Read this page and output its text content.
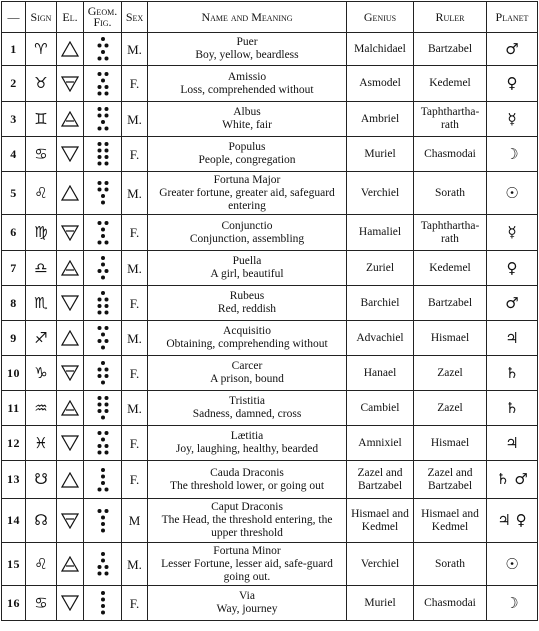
—	Sign	El.	Geom. Fig.	Sex	Name and Meaning	Genius	Ruler	Planet
1	♈			M.	Puer
Boy, yellow, beardless	Malchidael	Bartzabel	♂
2	♉			F.	Amissio
Loss, comprehended without	Asmodel	Kedemel	♀
3	♊			M.	Albus
White, fair	Ambriel	Taphthartha-rath	☿
4	♋			F.	Populus
People, congregation	Muriel	Chasmodai	☽
5	♌			M.	Fortuna Major
Greater fortune, greater aid, safeguard entering	Verchiel	Sorath	☉
6	♍			F.	Conjunctio
Conjunction, assembling	Hamaliel	Taphthartha-rath	☿
7	♎			M.	Puella
A girl, beautiful	Zuriel	Kedemel	♀
8	♏			F.	Rubeus
Red, reddish	Barchiel	Bartzabel	♂
9	♐			M.	Acquisitio
Obtaining, comprehending without	Advachiel	Hismael	♃
10	♑			F.	Carcer
A prison, bound	Hanael	Zazel	♄
11	♒			M.	Tristitia
Sadness, damned, cross	Cambiel	Zazel	♄
12	♓			F.	Lætitia
Joy, laughing, healthy, bearded	Amnixiel	Hismael	♃
13	☋			F.	Cauda Draconis
The threshold lower, or going out	Zazel and Bartzabel	Zazel and Bartzabel	♄ ♂
14	☊			M	Caput Draconis
The Head, the threshold entering, the upper threshold	Hismael and Kedmel	Hismael and Kedmel	♃ ♀
15	♌			M.	Fortuna Minor
Lesser Fortune, lesser aid, safe-guard going out.	Verchiel	Sorath	☉
16	♋			F.	Via
Way, journey	Muriel	Chasmodai	☽
